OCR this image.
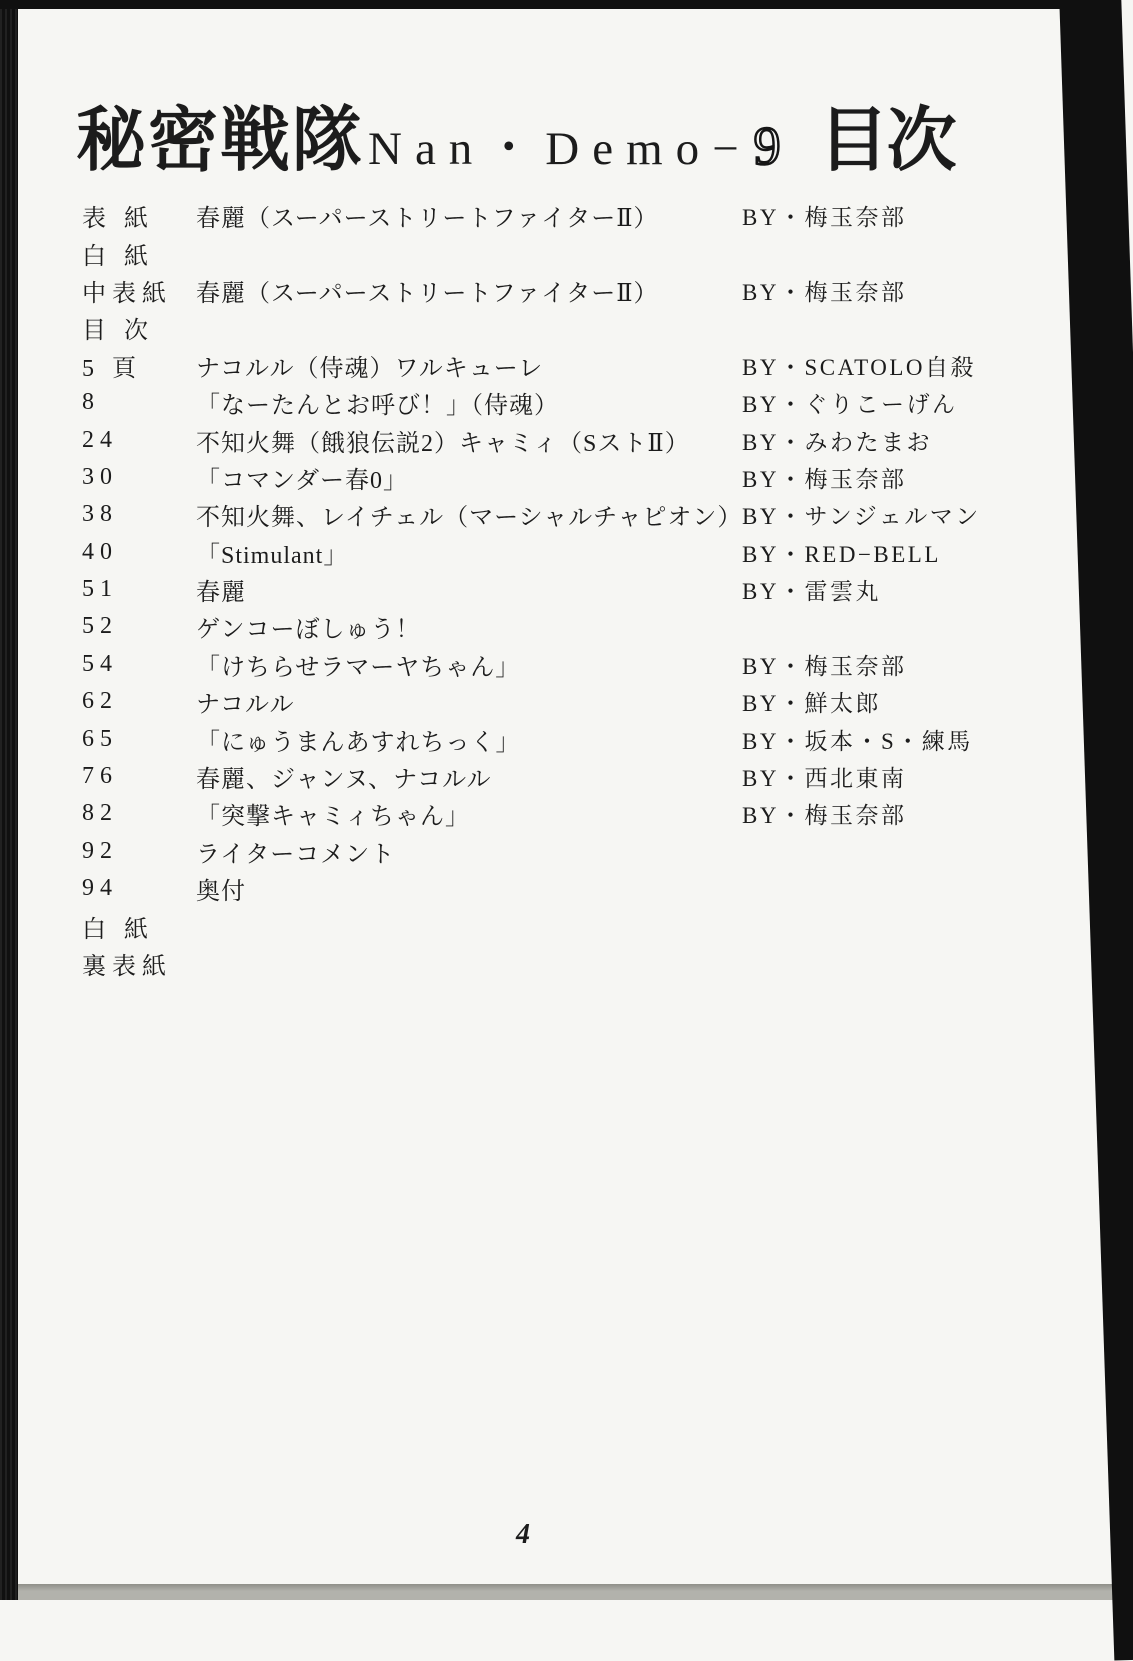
秘密戦隊 Nan・Demo− 9 目次
表 紙	春麗（スーパーストリートファイターⅡ）	BY・梅玉奈部
白 紙
中表紙	春麗（スーパーストリートファイターⅡ）	BY・梅玉奈部
目 次
5 頁	ナコルル（侍魂）ワルキューレ	BY・SCATOLO自殺
8	「なーたんとお呼び！」（侍魂）	BY・ぐりこーげん
24	不知火舞（餓狼伝説2）キャミィ（SストⅡ）	BY・みわたまお
30	「コマンダー春0」	BY・梅玉奈部
38	不知火舞、レイチェル（マーシャルチャピオン） BY・サンジェルマン
40	「Stimulant」	BY・RED−BELL
51	春麗	BY・雷雲丸
52	ゲンコーぼしゅう！
54	「けちらせラマーヤちゃん」	BY・梅玉奈部
62	ナコルル	BY・鮮太郎
65	「にゅうまんあすれちっく」	BY・坂本・S・練馬
76	春麗、ジャンヌ、ナコルル	BY・西北東南
82	「突撃キャミィちゃん」	BY・梅玉奈部
92	ライターコメント
94	奥付
白 紙
裏表紙
4
